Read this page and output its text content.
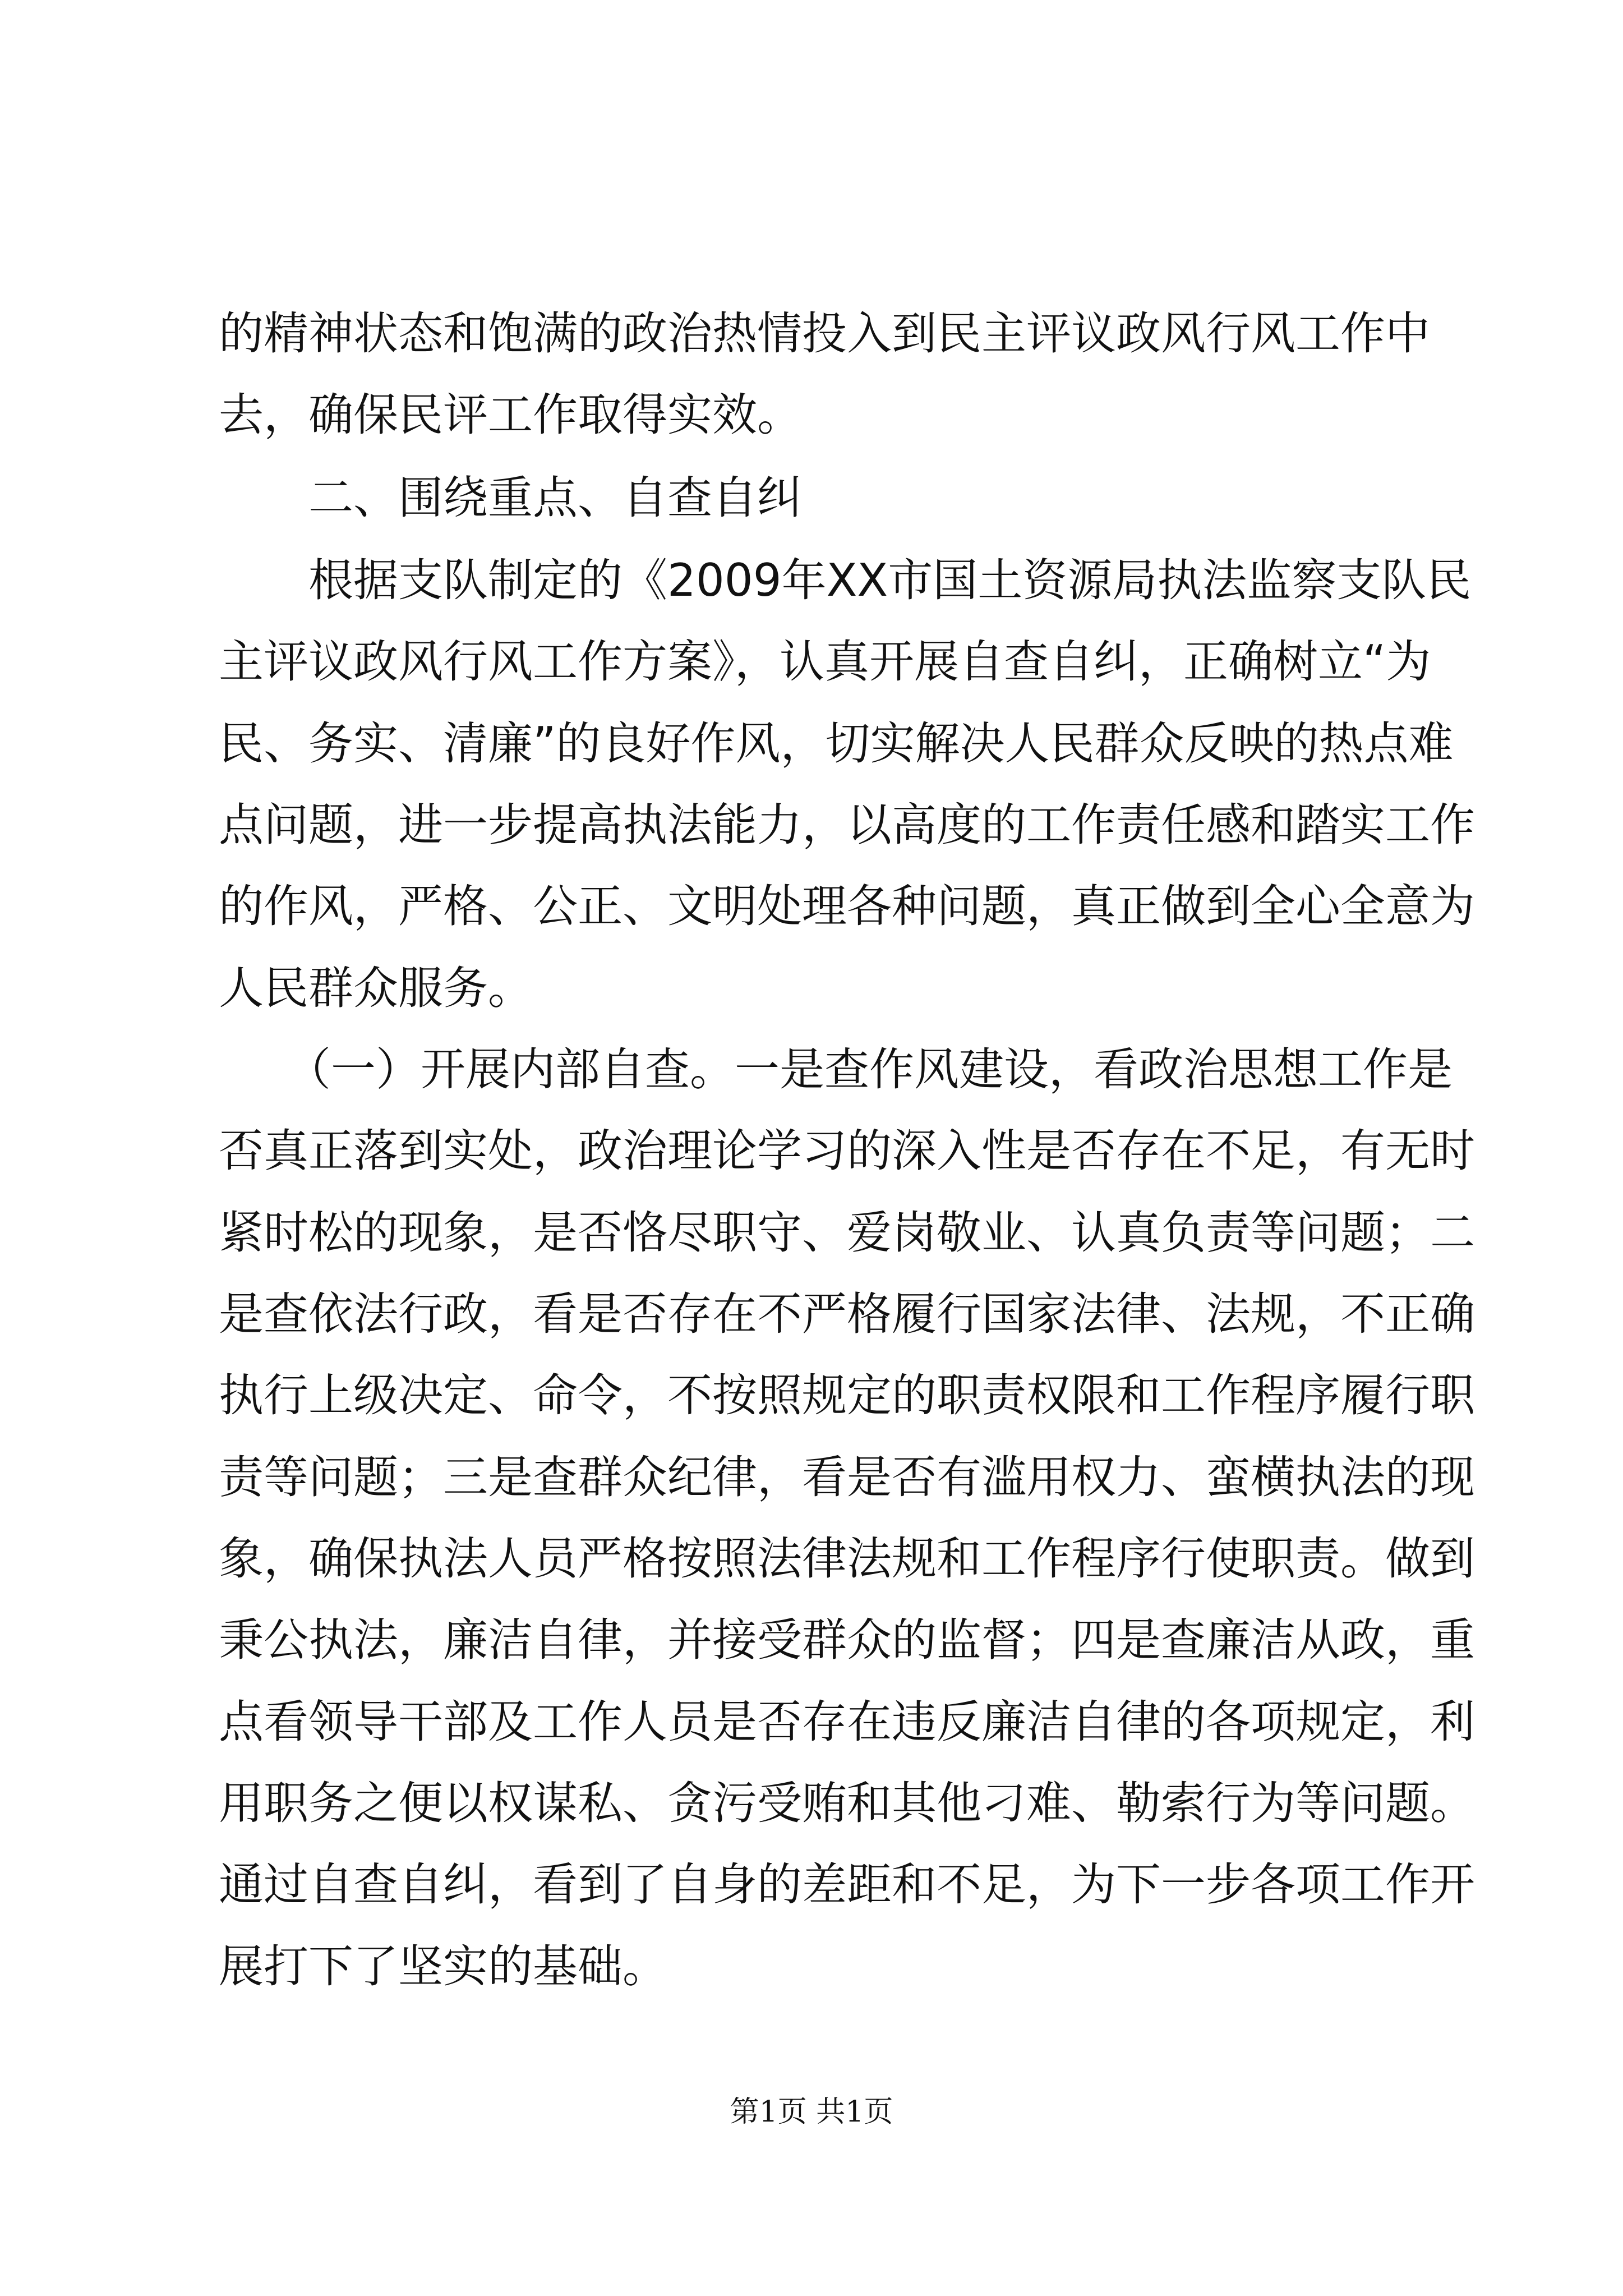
的精神状态和饱满的政治热情投入到民主评议政风行风工作中
去，确保民评工作取得实效。
二、围绕重点、自查自纠
根据支队制定的《2009年XX市国土资源局执法监察支队民
主评议政风行风工作方案》，认真开展自查自纠，正确树立“为
民、务实、清廉”的良好作风，切实解决人民群众反映的热点难
点问题，进一步提高执法能力，以高度的工作责任感和踏实工作
的作风，严格、公正、文明处理各种问题，真正做到全心全意为
人民群众服务。
（一）开展内部自查。一是查作风建设，看政治思想工作是
否真正落到实处，政治理论学习的深入性是否存在不足，有无时
紧时松的现象，是否恪尽职守、爱岗敬业、认真负责等问题；二
是查依法行政，看是否存在不严格履行国家法律、法规，不正确
执行上级决定、命令，不按照规定的职责权限和工作程序履行职
责等问题；三是查群众纪律，看是否有滥用权力、蛮横执法的现
象，确保执法人员严格按照法律法规和工作程序行使职责。做到
秉公执法，廉洁自律，并接受群众的监督；四是查廉洁从政，重
点看领导干部及工作人员是否存在违反廉洁自律的各项规定，利
用职务之便以权谋私、贪污受贿和其他刁难、勒索行为等问题。
通过自查自纠，看到了自身的差距和不足，为下一步各项工作开
展打下了坚实的基础。
第1页 共1页
